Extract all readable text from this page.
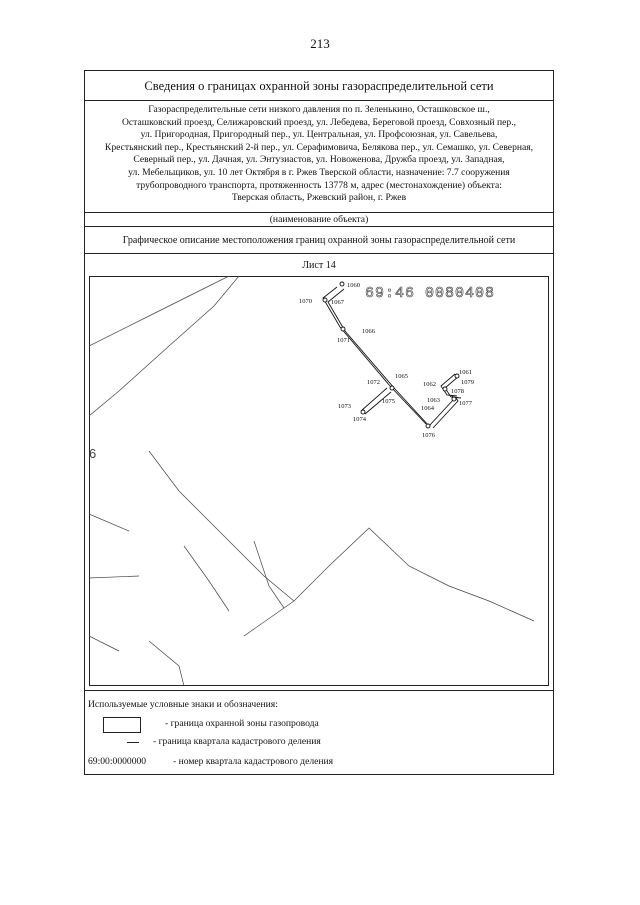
213
Сведения о границах охранной зоны газораспределительной сети
Газораспределительные сети низкого давления по п. Зеленькино, Осташковское ш.,
Осташковский проезд, Селижаровский проезд, ул. Лебедева, Береговой проезд, Совхозный пер.,
ул. Пригородная, Пригородный пер., ул. Центральная, ул. Профсоюзная, ул. Савельева,
Крестьянский пер., Крестьянский 2-й пер., ул. Серафимовича, Белякова пер., ул. Семашко, ул. Северная,
Северный пер., ул. Дачная, ул. Энтузиастов, ул. Новоженова, Дружба проезд, ул. Западная,
ул. Мебельщиков, ул. 10 лет Октября в г. Ржев Тверской области, назначение: 7.7 сооружения
трубопроводного транспорта, протяженность 13778 м, адрес (местонахождение) объекта:
Тверская область, Ржевский район, г. Ржев
(наименование объекта)
Графическое описание местоположения границ охранной зоны газораспределительной сети
Лист 14
69:46 0080408
6
1060
1067
1070
1066
1071
1065
1072
1075
1073
1074
1064
1076
1061
1062	1079
1078
1063	1077
Используемые условные знаки и обозначения:
- граница охранной зоны газопровода
- граница квартала кадастрового деления
69:00:0000000	- номер квартала кадастрового деления
